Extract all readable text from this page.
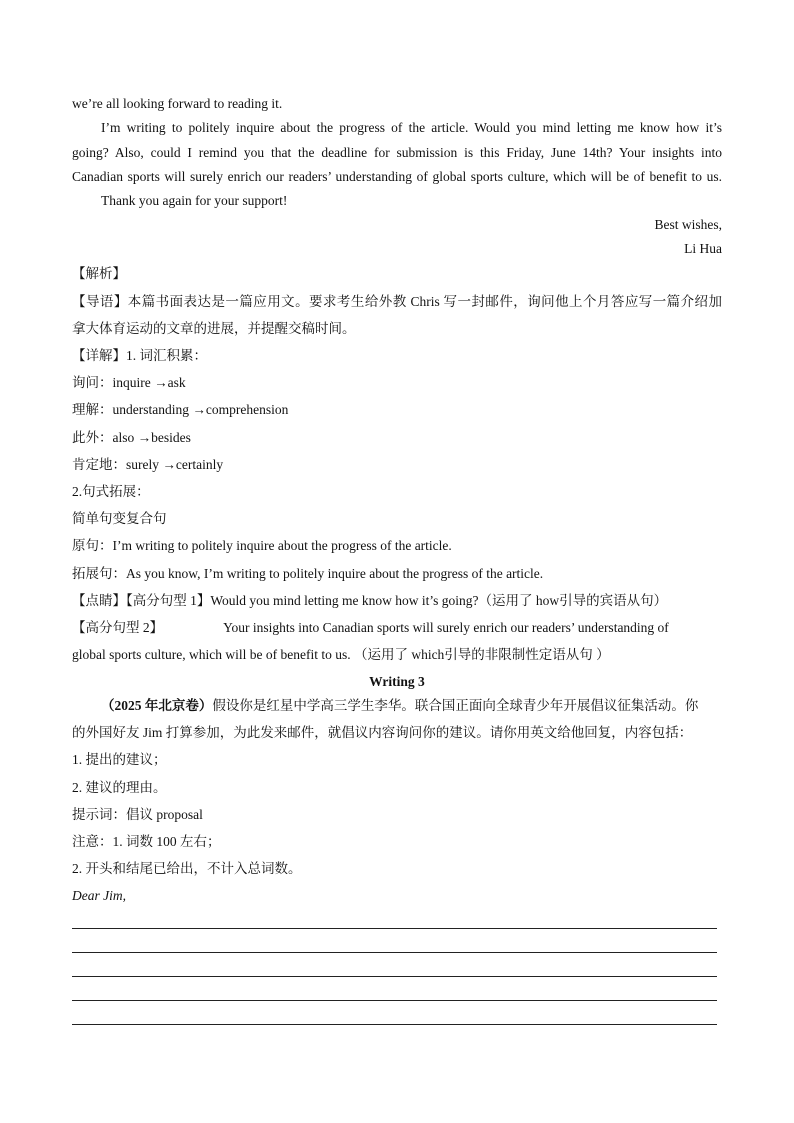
we’re all looking forward to reading it.
I’m writing to politely inquire about the progress of the article. Would you mind letting me know how it’s
going? Also, could I remind you that the deadline for submission is this Friday, June 14th? Your insights into
Canadian sports will surely enrich our readers’ understanding of global sports culture, which will be of benefit to us.
Thank you again for your support!
Best wishes,
Li Hua
【解析】
【导语】本篇书面表达是一篇应用文。要求考生给外教 Chris 写一封邮件，询问他上个月答应写一篇介绍加
拿大体育运动的文章的进展，并提醒交稿时间。
【详解】1. 词汇积累：
询问：inquire →ask
理解：understanding →comprehension
此外：also →besides
肯定地：surely →certainly
2.句式拓展：
简单句变复合句
原句：I’m writing to politely inquire about the progress of the article.
拓展句：As you know, I’m writing to politely inquire about the progress of the article.
【点睛】【高分句型 1】Would you mind letting me know how it’s going?（运用了 how引导的宾语从句）
【高分句型 2】	Your insights into Canadian sports will surely enrich our readers’ understanding of
global sports culture, which will be of benefit to us. （运用了 which引导的非限制性定语从句 ）
Writing 3
（2025 年北京卷）假设你是红星中学高三学生李华。联合国正面向全球青少年开展倡议征集活动。你
的外国好友 Jim 打算参加，为此发来邮件，就倡议内容询问你的建议。请你用英文给他回复，内容包括：
1. 提出的建议；
2. 建议的理由。
提示词：倡议 proposal
注意：1. 词数 100 左右；
2. 开头和结尾已给出，不计入总词数。
Dear Jim,
